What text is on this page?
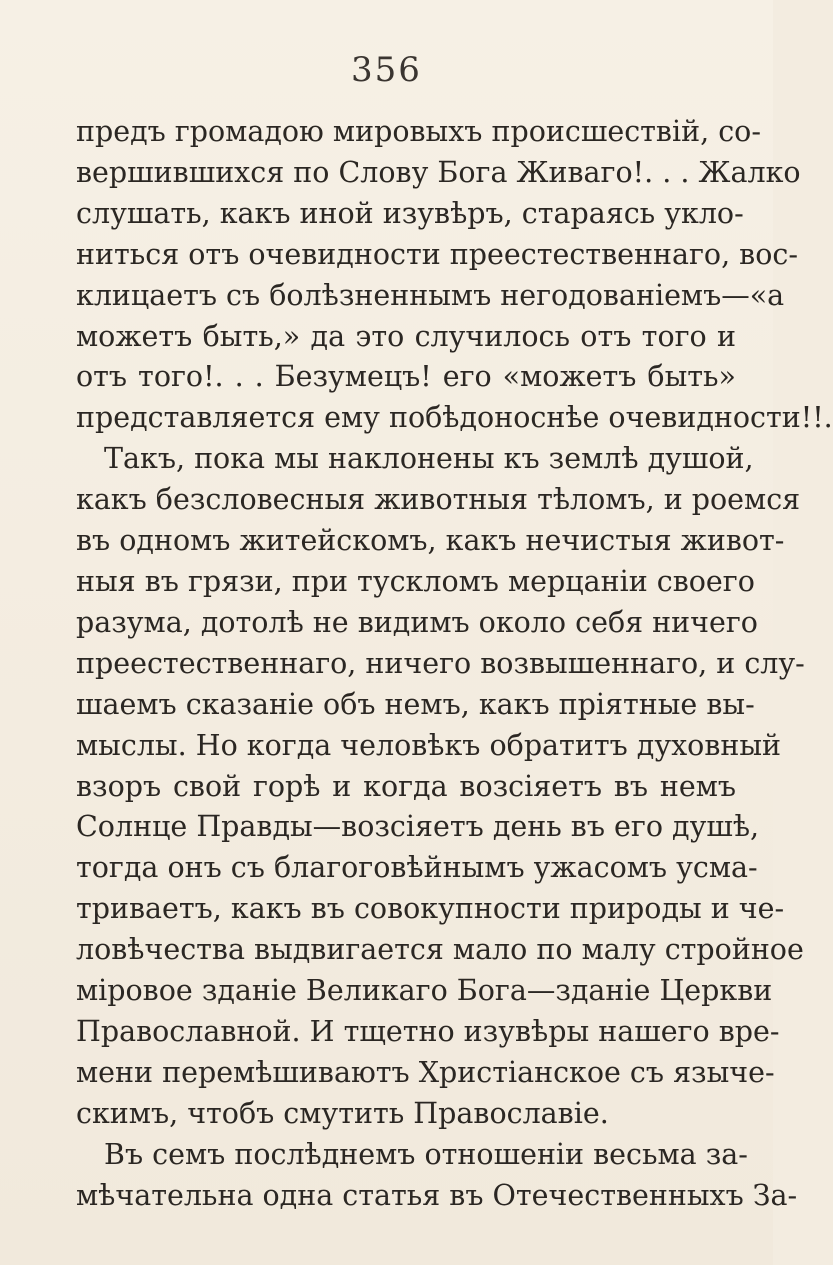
356
предъ громадою мировыхъ происшествій, со-
вершившихся по Слову Бога Живаго!. . . Жалко
слушать, какъ иной изувѣръ, стараясь укло-
ниться отъ очевидности преестественнаго, вос-
клицаетъ съ болѣзненнымъ негодованіемъ—«а
можетъ быть,» да это случилось отъ того и
отъ того!. . . Безумецъ! его «можетъ быть»
представляется ему побѣдоноснѣе очевидности!!.
Такъ, пока мы наклонены къ землѣ душой,
какъ безсловесныя животныя тѣломъ, и роемся
въ одномъ житейскомъ, какъ нечистыя живот-
ныя въ грязи, при тускломъ мерцаніи своего
разума, дотолѣ не видимъ около себя ничего
преестественнаго, ничего возвышеннаго, и слу-
шаемъ сказаніе объ немъ, какъ пріятные вы-
мыслы. Но когда человѣкъ обратитъ духовный
взоръ свой горѣ и когда возсіяетъ въ немъ
Солнце Правды—возсіяетъ день въ его душѣ,
тогда онъ съ благоговѣйнымъ ужасомъ усма-
триваетъ, какъ въ совокупности природы и че-
ловѣчества выдвигается мало по малу стройное
міровое зданіе Великаго Бога—зданіе Церкви
Православной. И тщетно изувѣры нашего вре-
мени перемѣшиваютъ Христіанское съ языче-
скимъ, чтобъ смутить Православіе.
Въ семъ послѣднемъ отношеніи весьма за-
мѣчательна одна статья въ Отечественныхъ За-
